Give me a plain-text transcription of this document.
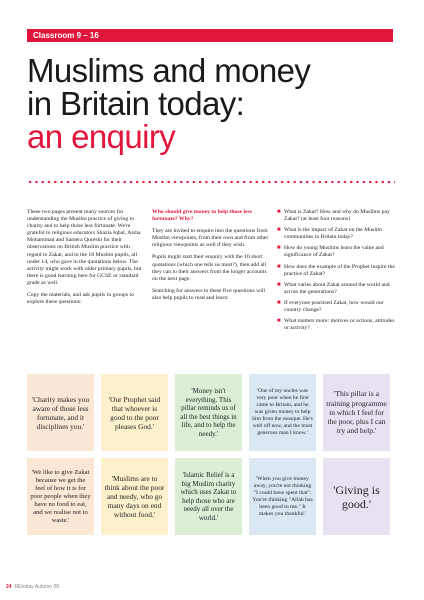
Classroom 9 – 16
Muslims and money
in Britain today:
an enquiry

These two pages present many sources for understanding the Muslim practice of giving to charity and to help those less fortunate. We're grateful to religious educators Shazia Iqbal, Aisha Mohammad and Samera Qureshi for their observations on British Muslim practice with regard to Zakat, and to the 18 Muslim pupils, all under 14, who gave in the quotations below. The activity might work with older primary pupils, but there is good learning here for GCSE or standard grade as well.

Copy the materials, and ask pupils in groups to explore these questions:

Who should give money to help those less fortunate? Why?

They are invited to enquire into the questions from Muslim viewpoints, from their own and from other religious viewpoints as well if they wish.

Pupils might start their enquiry with the 10 short quotations (which one tells us most?), then add all they can to their answers from the longer accounts on the next page.

Searching for answers to these five questions will also help pupils to read and learn:

■ What is Zakat? How and why do Muslims pay Zakat? (at least four reasons)
■ What is the impact of Zakat on the Muslim communities in Britain today?
■ How do young Muslims learn the value and significance of Zakat?
■ How does the example of the Prophet inspire the practice of Zakat?
■ What varies about Zakat around the world and across the generations?
■ If everyone practised Zakat, how would our country change?
■ What matters more: motives or actions, attitudes or activity?
'Charity makes you aware of those less fortunate, and it disciplines you.'
'Our Prophet said that whoever is good to the poor pleases God.'
'Money isn't everything. This pillar reminds us of all the best things in life, and to help the needy.'
'One of my uncles was very poor when he first came to Britain, and he was given money to help him from the mosque. He's well off now, and the most generous man I know.'
'This pillar is a training programme in which I feel for the poor, plus I can try and help.'
'We like to give Zakat because we get the feel of how it is for poor people when they have no food to eat, and we realise not to waste.'
'Muslims are to think about the poor and needy, who go many days on end without food.'
'Islamic Relief is a big Muslim charity which uses Zakat to help those who are needy all over the world.'
'When you give money away, you're not thinking "I could have spent that". You're thinking "Allah has been good to me." It makes you thankful.'
'Giving is good.'
24 REtoday Autumn 08
